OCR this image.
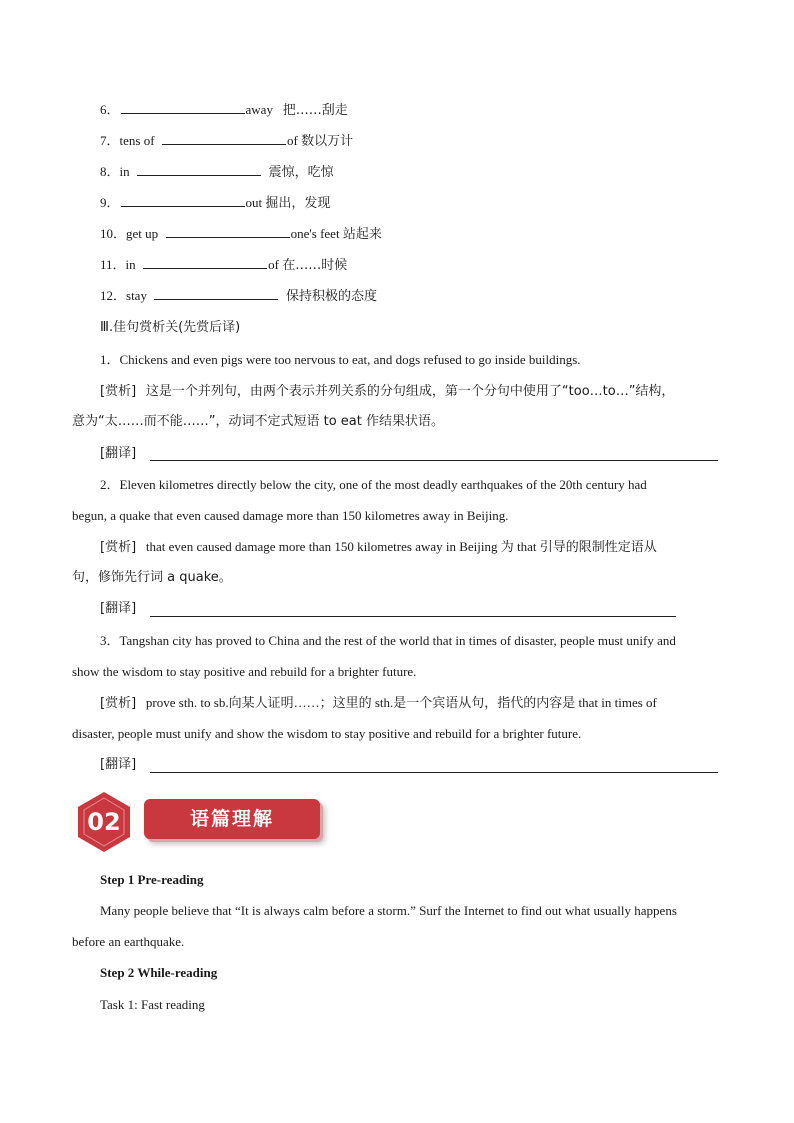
6．	away 把……刮走
7．tens of	of 数以万计
8．in	震惊，吃惊
9．	out 掘出，发现
10．get up	one's feet 站起来
11．in	of 在……时候
12．stay	保持积极的态度
Ⅲ.佳句赏析关(先赏后译)
1．Chickens and even pigs were too nervous to eat, and dogs refused to go inside buildings.
[赏析] 这是一个并列句，由两个表示并列关系的分句组成，第一个分句中使用了“too…to…”结构，
意为“太……而不能……”，动词不定式短语 to eat 作结果状语。
[翻译]
2．Eleven kilometres directly below the city, one of the most deadly earthquakes of the 20th century had
begun, a quake that even caused damage more than 150 kilometres away in Beijing.
[赏析] that even caused damage more than 150 kilometres away in Beijing 为 that 引导的限制性定语从
句，修饰先行词 a quake。
[翻译]
3．Tangshan city has proved to China and the rest of the world that in times of disaster, people must unify and
show the wisdom to stay positive and rebuild for a brighter future.
[赏析] prove sth. to sb.向某人证明……；这里的 sth.是一个宾语从句，指代的内容是 that in times of
disaster, people must unify and show the wisdom to stay positive and rebuild for a brighter future.
[翻译]
02	语篇理解
Step 1 Pre-reading
Many people believe that “It is always calm before a storm.” Surf the Internet to find out what usually happens
before an earthquake.
Step 2 While-reading
Task 1: Fast reading
